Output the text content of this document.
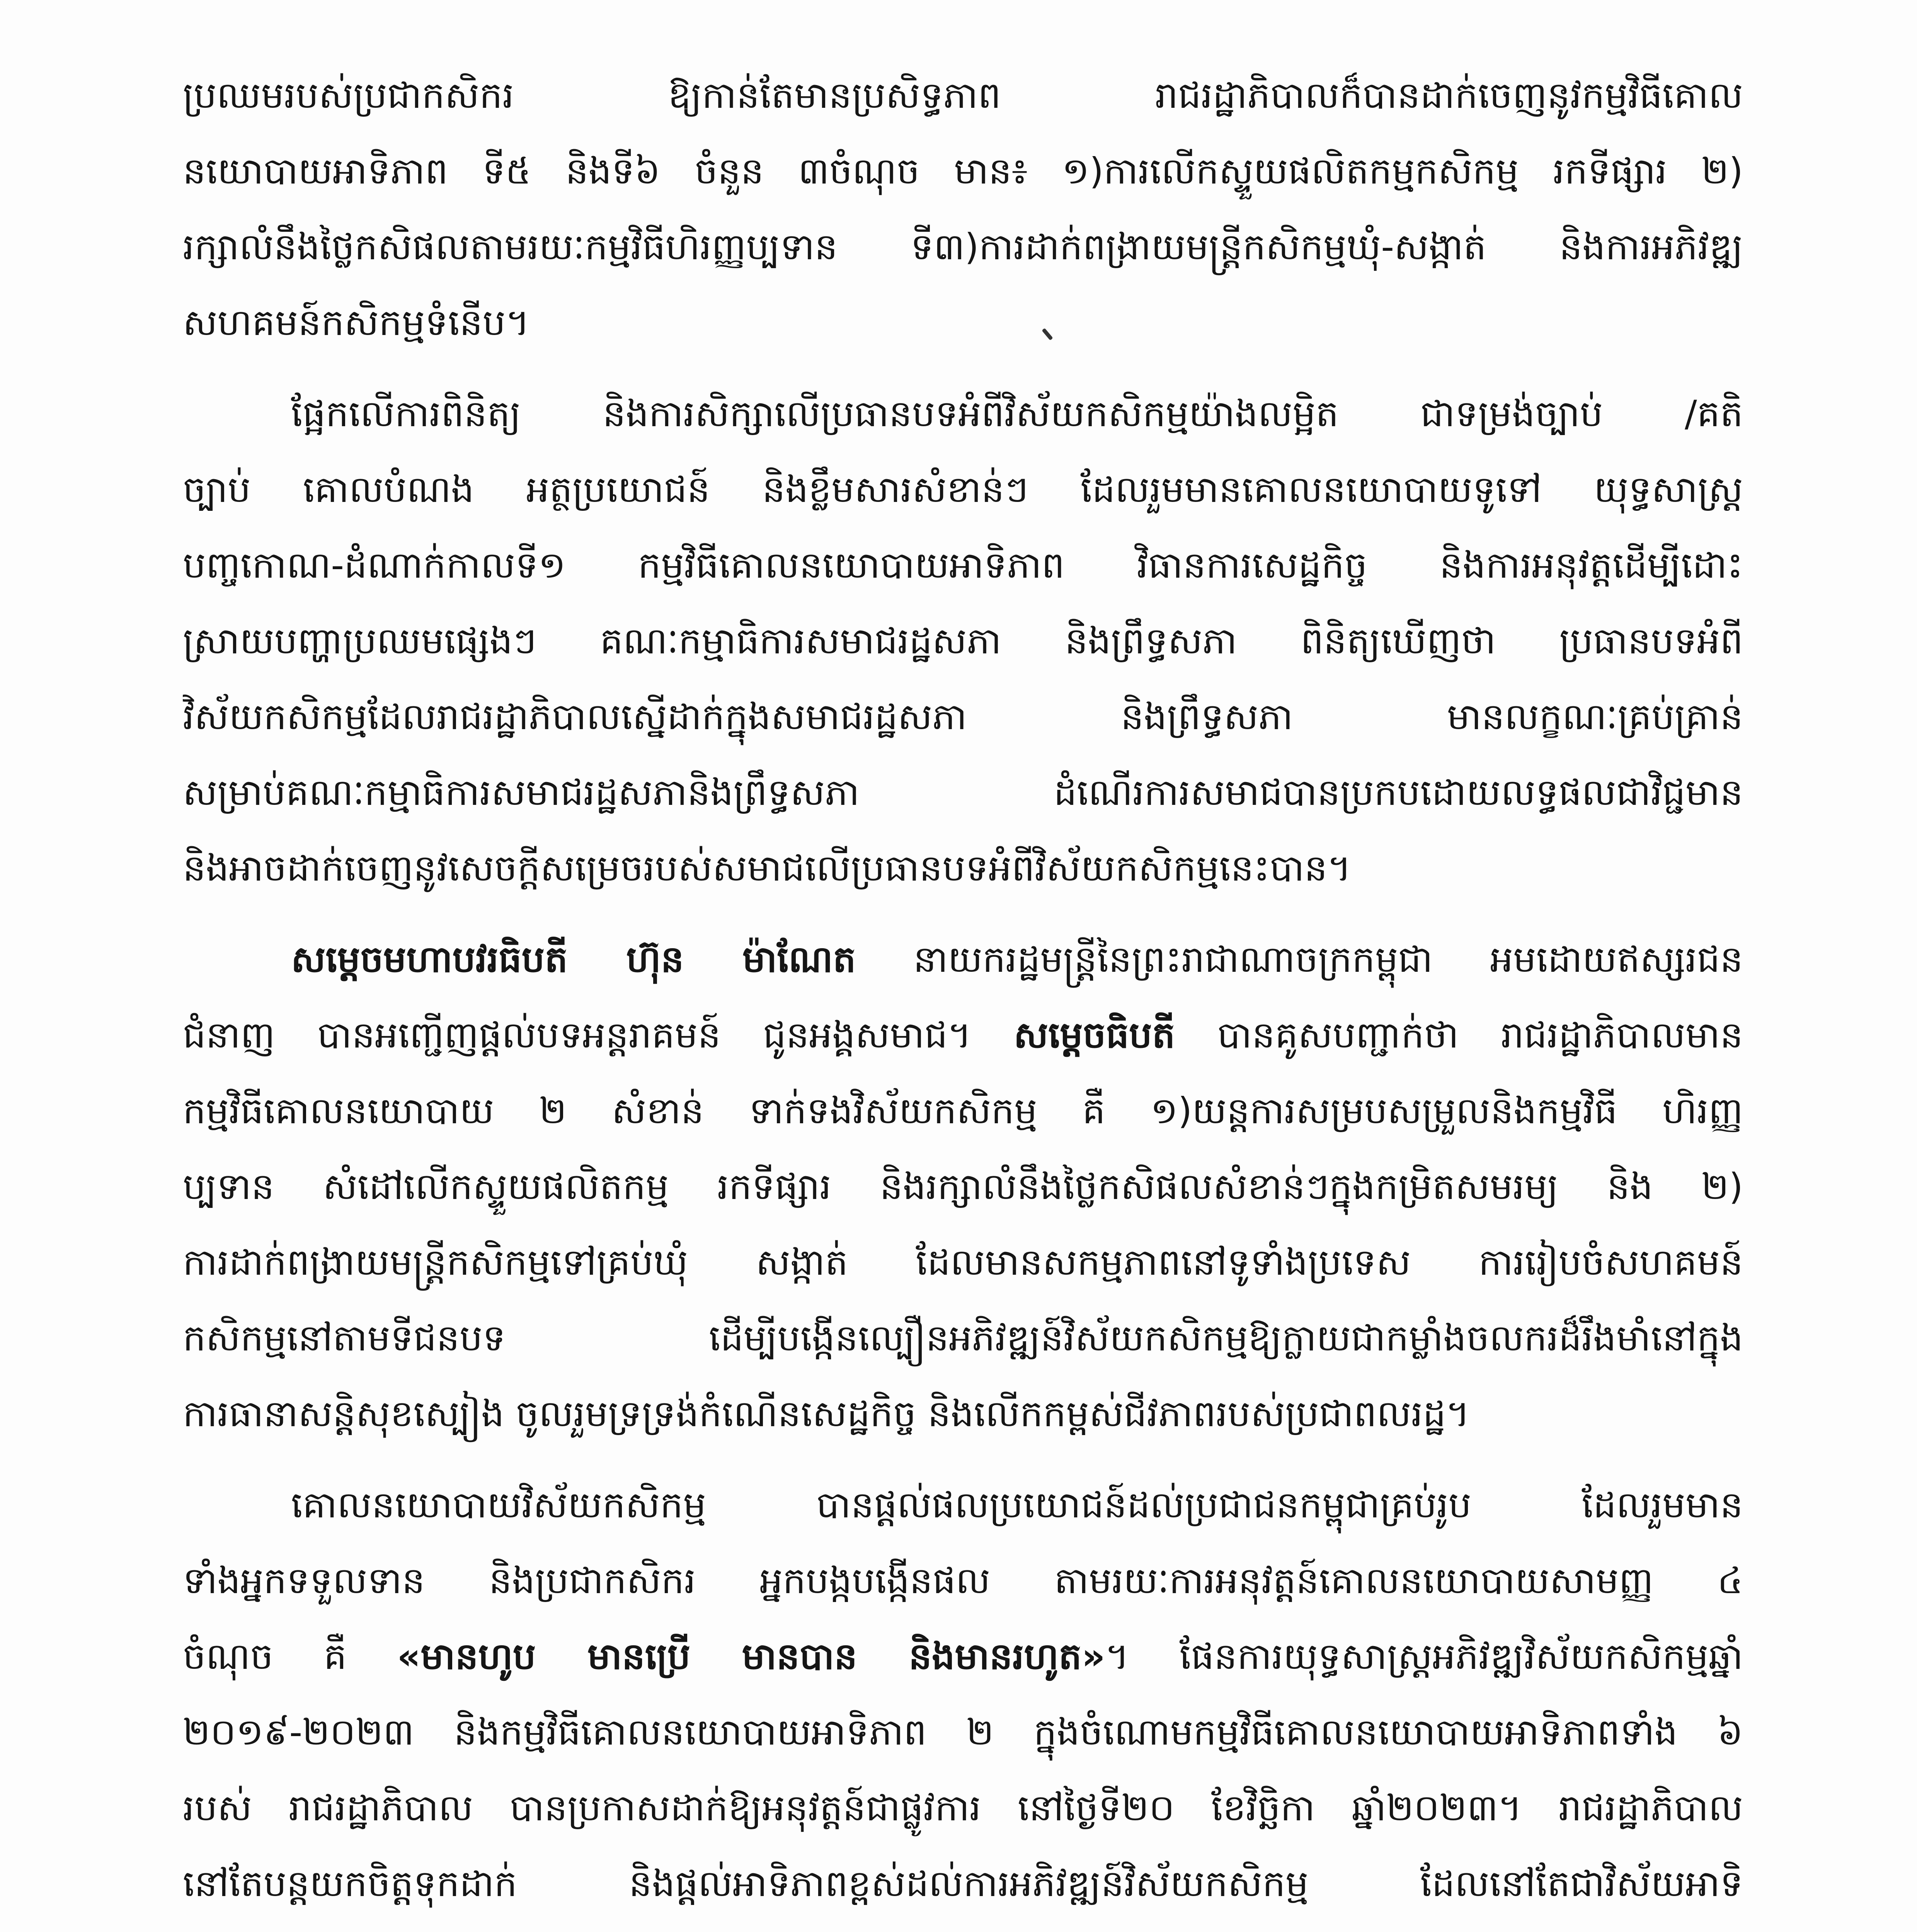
ប្រឈមរបស់ប្រជាកសិករ ឱ្យកាន់តែមានប្រសិទ្ធភាព រាជរដ្ឋាភិបាលក៏បានដាក់ចេញនូវកម្មវិធីគោល
នយោបាយអាទិភាព ទី៥ និងទី៦ ចំនួន ៣ចំណុច មាន៖ ១)ការលើកស្ទួយផលិតកម្មកសិកម្ម រកទីផ្សារ ២)
រក្សាលំនឹងថ្លៃកសិផលតាមរយៈកម្មវិធីហិរញ្ញប្បទាន ទី៣)ការដាក់ពង្រាយមន្ត្រីកសិកម្មឃុំ-សង្កាត់ និងការអភិវឌ្ឍ
សហគមន៍កសិកម្មទំនើប។
ផ្អែកលើការពិនិត្យ និងការសិក្សាលើប្រធានបទអំពីវិស័យកសិកម្មយ៉ាងលម្អិត ជាទម្រង់ច្បាប់ /គតិ
ច្បាប់ គោលបំណង អត្ថប្រយោជន៍ និងខ្លឹមសារសំខាន់ៗ ដែលរួមមានគោលនយោបាយទូទៅ យុទ្ធសាស្ត្រ
បញ្ចកោណ-ដំណាក់កាលទី១ កម្មវិធីគោលនយោបាយអាទិភាព វិធានការសេដ្ឋកិច្ច និងការអនុវត្តដើម្បីដោះ
ស្រាយបញ្ហាប្រឈមផ្សេងៗ គណៈកម្មាធិការសមាជរដ្ឋសភា និងព្រឹទ្ធសភា ពិនិត្យឃើញថា ប្រធានបទអំពី
វិស័យកសិកម្មដែលរាជរដ្ឋាភិបាលស្នើដាក់ក្នុងសមាជរដ្ឋសភា និងព្រឹទ្ធសភា មានលក្ខណៈគ្រប់គ្រាន់
សម្រាប់គណៈកម្មាធិការសមាជរដ្ឋសភានិងព្រឹទ្ធសភា ដំណើរការសមាជបានប្រកបដោយលទ្ធផលជាវិជ្ជមាន
និងអាចដាក់ចេញនូវសេចក្តីសម្រេចរបស់សមាជលើប្រធានបទអំពីវិស័យកសិកម្មនេះបាន។
សម្តេចមហាបវរធិបតី ហ៊ុន ម៉ាណែត នាយករដ្ឋមន្ត្រីនៃព្រះរាជាណាចក្រកម្ពុជា អមដោយឥស្សរជន
ជំនាញ បានអញ្ជើញផ្តល់បទអន្តរាគមន៍ ជូនអង្គសមាជ។ សម្តេចធិបតី បានគូសបញ្ជាក់ថា រាជរដ្ឋាភិបាលមាន
កម្មវិធីគោលនយោបាយ ២ សំខាន់ ទាក់ទងវិស័យកសិកម្ម គឺ ១)យន្តការសម្របសម្រួលនិងកម្មវិធី ហិរញ្ញ
ប្បទាន សំដៅលើកស្ទួយផលិតកម្ម រកទីផ្សារ និងរក្សាលំនឹងថ្លៃកសិផលសំខាន់ៗក្នុងកម្រិតសមរម្យ និង ២)
ការដាក់ពង្រាយមន្ត្រីកសិកម្មទៅគ្រប់ឃុំ សង្កាត់ ដែលមានសកម្មភាពនៅទូទាំងប្រទេស ការរៀបចំសហគមន៍
កសិកម្មនៅតាមទីជនបទ ដើម្បីបង្កើនល្បឿនអភិវឌ្ឍន៍វិស័យកសិកម្មឱ្យក្លាយជាកម្លាំងចលករដ៏រឹងមាំនៅក្នុង
ការធានាសន្តិសុខស្បៀង ចូលរួមទ្រទ្រង់កំណើនសេដ្ឋកិច្ច និងលើកកម្ពស់ជីវភាពរបស់ប្រជាពលរដ្ឋ។
គោលនយោបាយវិស័យកសិកម្ម បានផ្តល់ផលប្រយោជន៍ដល់ប្រជាជនកម្ពុជាគ្រប់រូប ដែលរួមមាន
ទាំងអ្នកទទួលទាន និងប្រជាកសិករ អ្នកបង្កបង្កើនផល តាមរយៈការអនុវត្តន៍គោលនយោបាយសាមញ្ញ ៤
ចំណុច គឺ «មានហូប មានប្រើ មានបាន និងមានរហូត»។ ផែនការយុទ្ធសាស្ត្រអភិវឌ្ឍវិស័យកសិកម្មឆ្នាំ
២០១៩-២០២៣ និងកម្មវិធីគោលនយោបាយអាទិភាព ២ ក្នុងចំណោមកម្មវិធីគោលនយោបាយអាទិភាពទាំង ៦
របស់ រាជរដ្ឋាភិបាល បានប្រកាសដាក់ឱ្យអនុវត្តន៍ជាផ្លូវការ នៅថ្ងៃទី២០ ខែវិច្ឆិកា ឆ្នាំ២០២៣។ រាជរដ្ឋាភិបាល
នៅតែបន្តយកចិត្តទុកដាក់ និងផ្តល់អាទិភាពខ្ពស់ដល់ការអភិវឌ្ឍន៍វិស័យកសិកម្ម ដែលនៅតែជាវិស័យអាទិ
